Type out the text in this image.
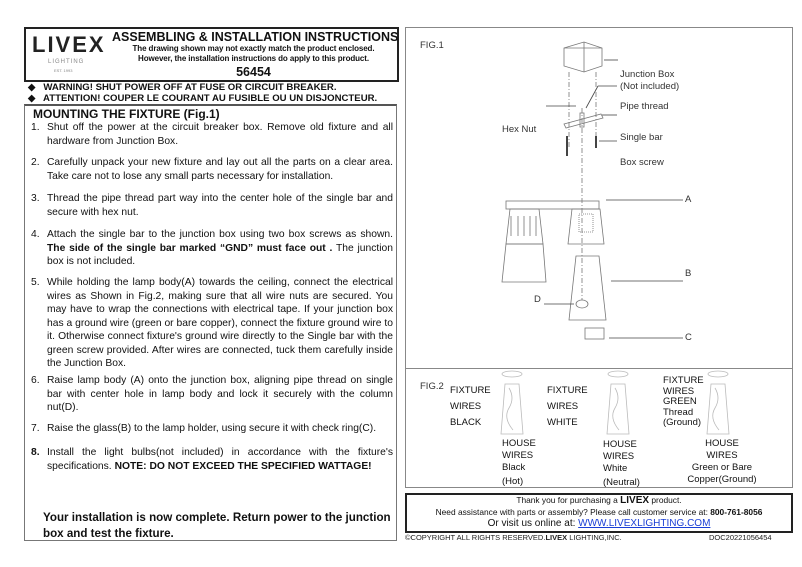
LIVEX
LIGHTING
EST. 1993
ASSEMBLING & INSTALLATION INSTRUCTIONS
The drawing shown may not exactly match the product enclosed.
However, the installation instructions do apply to this product.
56454
◆   WARNING! SHUT POWER OFF AT FUSE OR CIRCUIT BREAKER.
◆   ATTENTION! COUPER LE COURANT AU FUSIBLE OU UN DISJONCTEUR.
MOUNTING THE FIXTURE (Fig.1)
1. Shut off the power at the circuit breaker box. Remove old fixture and all hardware from Junction Box.
2. Carefully unpack your new fixture and lay out all the parts on a clear area. Take care not to lose any small parts necessary for installation.
3. Thread the pipe thread part way into the center hole of the single bar and secure with hex nut.
4. Attach the single bar to the junction box using two box screws as shown. The side of the single bar marked “GND” must face out . The junction box is not included.
5. While holding the lamp body(A) towards the ceiling, connect the electrical wires as Shown in Fig.2, making sure that all wire nuts are secured. You may have to wrap the connections with electrical tape. If your junction box has a ground wire (green or bare copper), connect the fixture ground wire to it. Otherwise connect fixture's ground wire directly to the Single bar with the green screw provided. After wires are connected, tuck them carefully inside the Junction Box.
6. Raise lamp body (A) onto the junction box, aligning pipe thread on single bar with center hole in lamp body and lock it securely with the column nut(D).
7. Raise the glass(B) to the lamp holder, using secure it with check ring(C).
8. Install the light bulbs(not included) in accordance with the fixture's specifications. NOTE: DO NOT EXCEED THE SPECIFIED WATTAGE!
Your installation is now complete. Return power to the junction box and test the fixture.
FIG.1
Junction Box
(Not included)
Pipe thread
Hex Nut
Single bar
Box screw
A
B
C
D
FIG.2 FIXTURE
WIRES
BLACK
HOUSE
WIRES
Black
(Hot)
FIXTURE
WIRES
WHITE
HOUSE
WIRES
White
(Neutral)
FIXTURE
WIRES
GREEN
Thread
(Ground)
HOUSE
WIRES
Green or Bare
Copper(Ground)
Thank you for purchasing a LIVEX product.
Need assistance with parts or assembly? Please call customer service at: 800-761-8056
Or visit us online at: WWW.LIVEXLIGHTING.COM
©COPYRIGHT ALL RIGHTS RESERVED.LIVEX LIGHTING,INC.	DOC20221056454
